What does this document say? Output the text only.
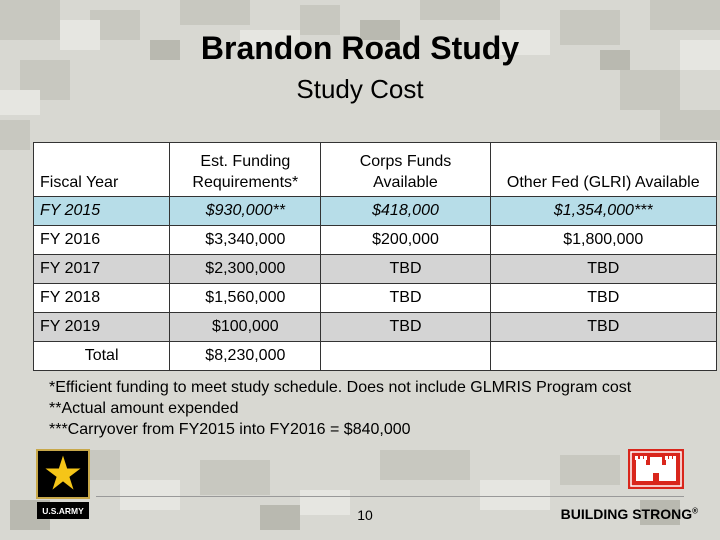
Brandon Road Study
Study Cost
Fiscal Year	Est. Funding Requirements*	Corps Funds Available	Other Fed (GLRI) Available
FY 2015	$930,000**	$418,000	$1,354,000***
FY 2016	$3,340,000	$200,000	$1,800,000
FY 2017	$2,300,000	TBD	TBD
FY 2018	$1,560,000	TBD	TBD
FY 2019	$100,000	TBD	TBD
Total	$8,230,000		
*Efficient funding to meet study schedule. Does not include GLMRIS Program cost
**Actual amount expended
***Carryover from FY2015 into FY2016 = $840,000
U.S.ARMY	10	BUILDING STRONG®
